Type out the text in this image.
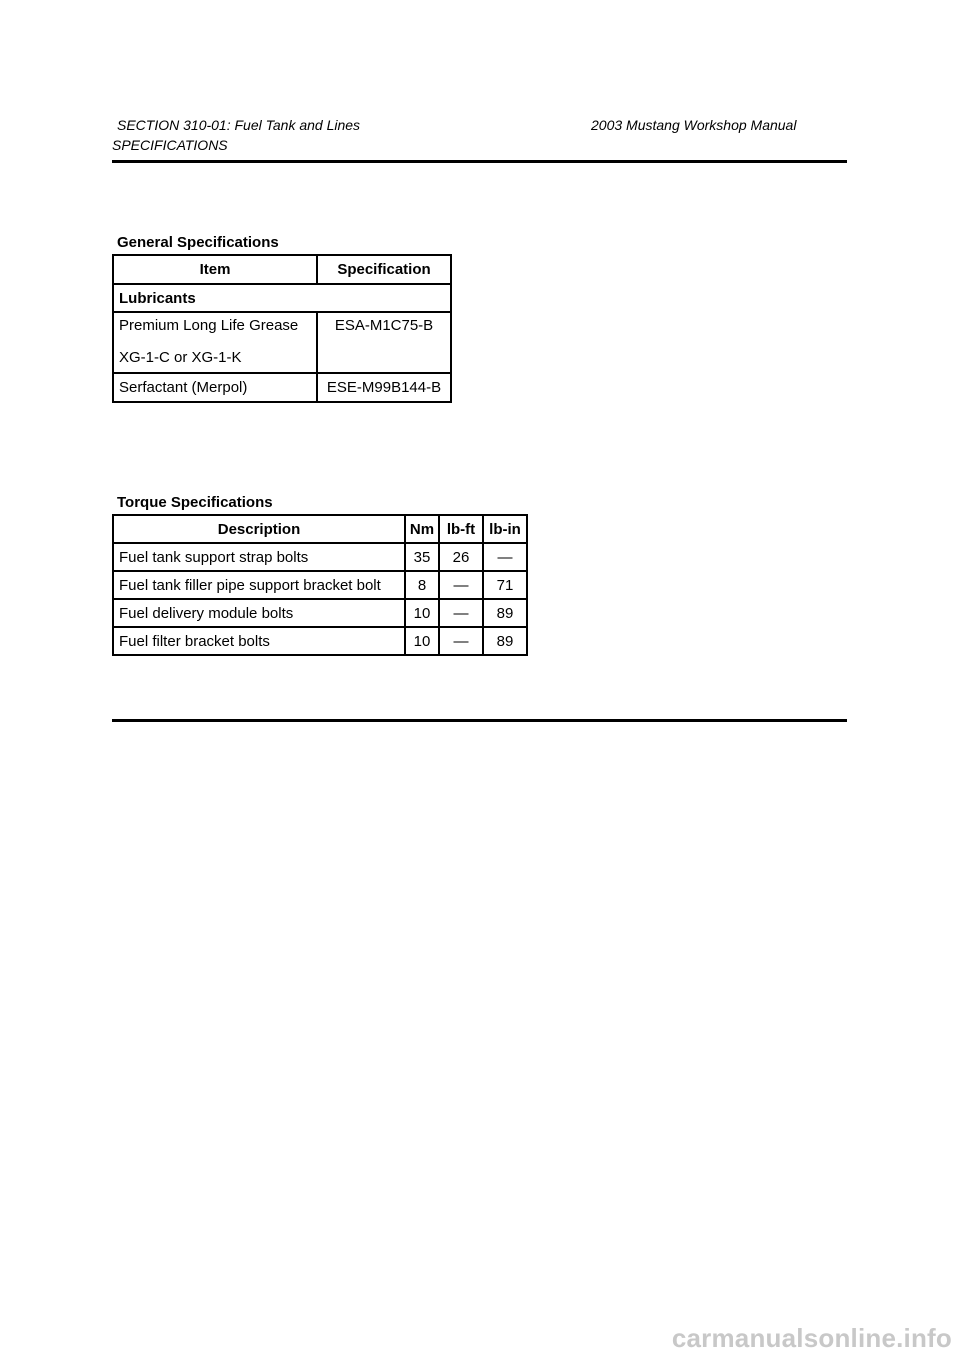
SECTION 310-01: Fuel Tank and Lines	2003 Mustang Workshop Manual
SPECIFICATIONS
General Specifications
Item	Specification
Lubricants	
Premium Long Life Grease
XG-1-C or XG-1-K	ESA-M1C75-B
Serfactant (Merpol)	ESE-M99B144-B
Torque Specifications
Description	Nm	lb-ft	lb-in
Fuel tank support strap bolts	35	26	—
Fuel tank filler pipe support bracket bolt	8	—	71
Fuel delivery module bolts	10	—	89
Fuel filter bracket bolts	10	—	89
carmanualsonline.info
